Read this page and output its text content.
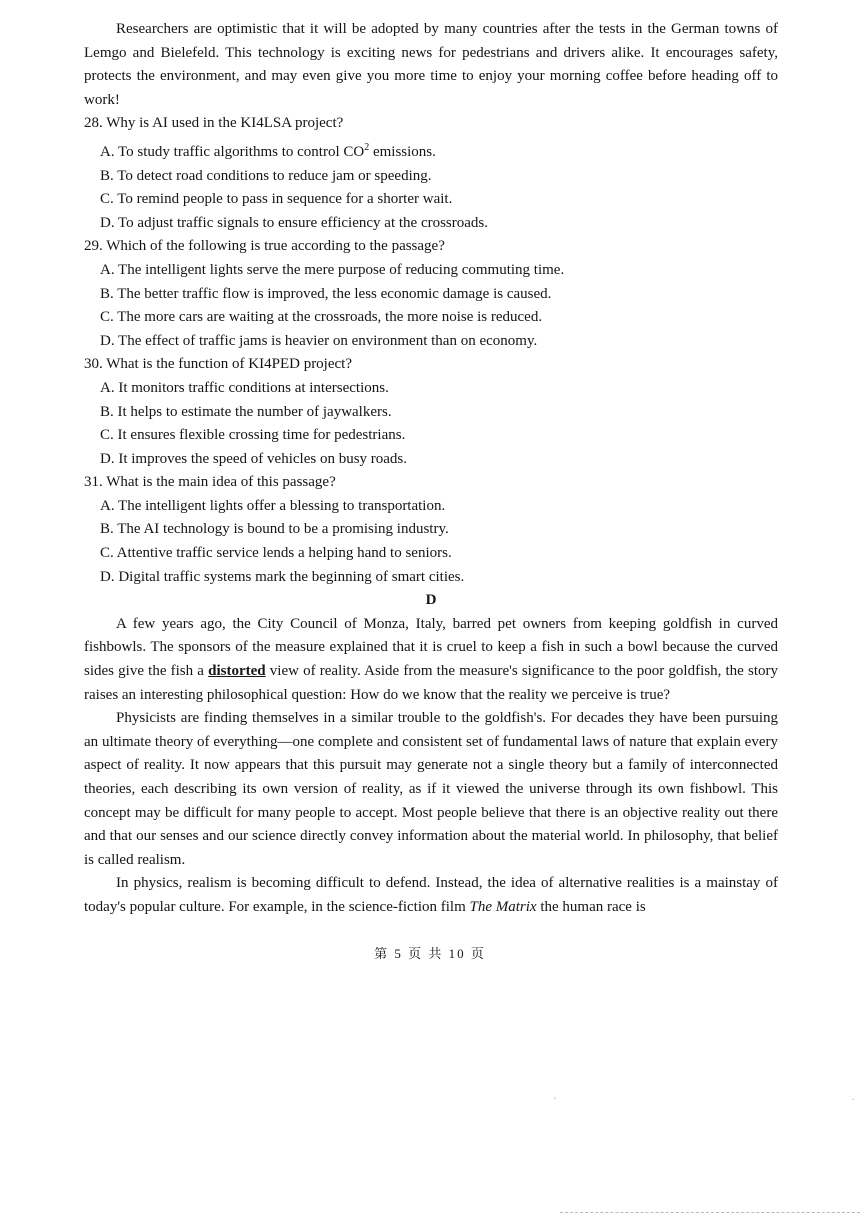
Researchers are optimistic that it will be adopted by many countries after the tests in the German towns of Lemgo and Bielefeld. This technology is exciting news for pedestrians and drivers alike. It encourages safety, protects the environment, and may even give you more time to enjoy your morning coffee before heading off to work!

28. Why is AI used in the KI4LSA project?

A. To study traffic algorithms to control $CO^2$ emissions.

B. To detect road conditions to reduce jam or speeding.

C. To remind people to pass in sequence for a shorter wait.

D. To adjust traffic signals to ensure efficiency at the crossroads.

29. Which of the following is true according to the passage?

A. The intelligent lights serve the mere purpose of reducing commuting time.

B. The better traffic flow is improved, the less economic damage is caused.

C. The more cars are waiting at the crossroads, the more noise is reduced.

D. The effect of traffic jams is heavier on environment than on economy.

30. What is the function of KI4PED project?

A. It monitors traffic conditions at intersections.

B. It helps to estimate the number of jaywalkers.

C. It ensures flexible crossing time for pedestrians.

D. It improves the speed of vehicles on busy roads.

31. What is the main idea of this passage?

A. The intelligent lights offer a blessing to transportation.

B. The AI technology is bound to be a promising industry.

C. Attentive traffic service lends a helping hand to seniors.

D. Digital traffic systems mark the beginning of smart cities.

D

A few years ago, the City Council of Monza, Italy, barred pet owners from keeping goldfish in curved fishbowls. The sponsors of the measure explained that it is cruel to keep a fish in such a bowl because the curved sides give the fish a distorted view of reality. Aside from the measure's significance to the poor goldfish, the story raises an interesting philosophical question: How do we know that the reality we perceive is true?

Physicists are finding themselves in a similar trouble to the goldfish's. For decades they have been pursuing an ultimate theory of everything—one complete and consistent set of fundamental laws of nature that explain every aspect of reality. It now appears that this pursuit may generate not a single theory but a family of interconnected theories, each describing its own version of reality, as if it viewed the universe through its own fishbowl. This concept may be difficult for many people to accept. Most people believe that there is an objective reality out there and that our senses and our science directly convey information about the material world. In philosophy, that belief is called realism.

In physics, realism is becoming difficult to defend. Instead, the idea of alternative realities is a mainstay of today's popular culture. For example, in the science-fiction film The Matrix the human race is

第 5 页 共 10 页
'	.
